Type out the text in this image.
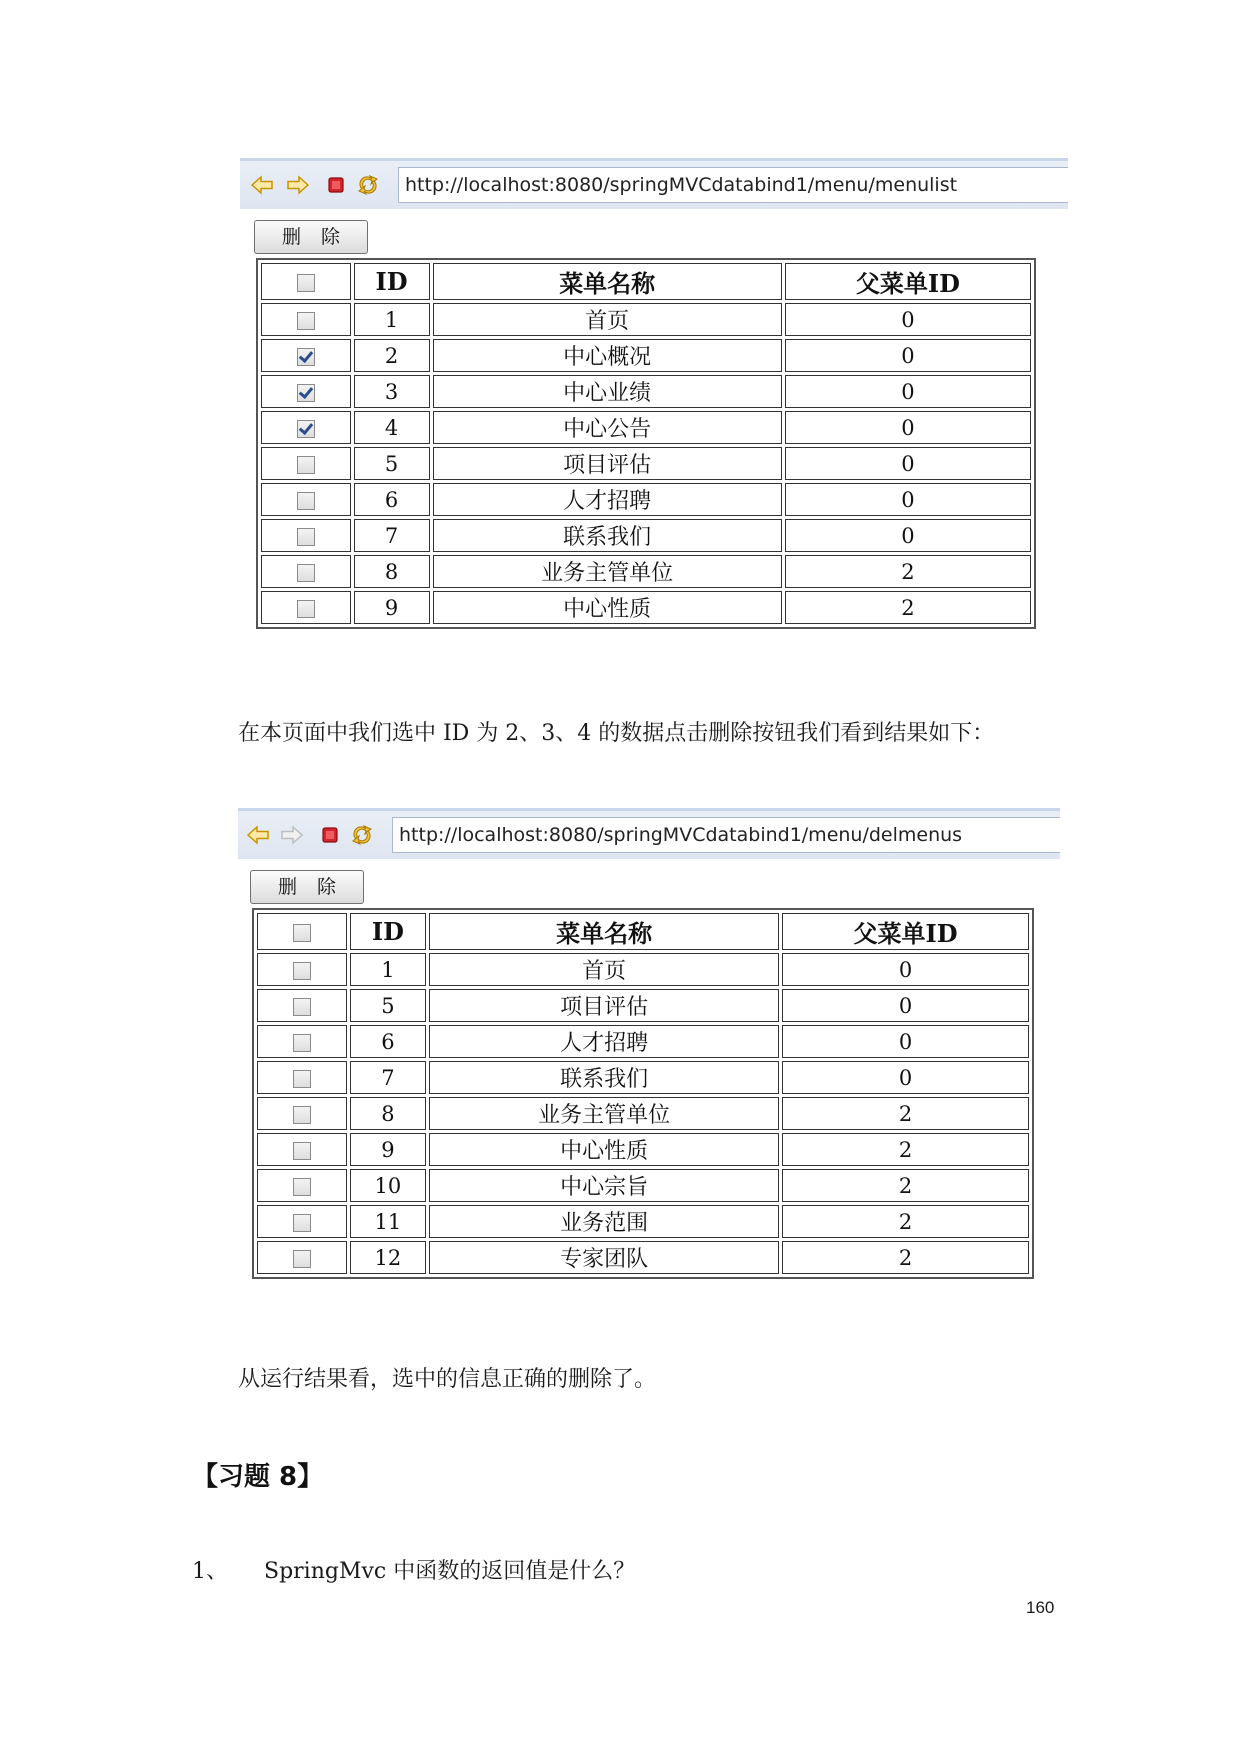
http://localhost:8080/springMVCdatabind1/menu/menulist
删除
	ID	菜单名称	父菜单ID
	1	首页	0
	2	中心概况	0
	3	中心业绩	0
	4	中心公告	0
	5	项目评估	0
	6	人才招聘	0
	7	联系我们	0
	8	业务主管单位	2
	9	中心性质	2
在本页面中我们选中 ID 为 2、3、4 的数据点击删除按钮我们看到结果如下：
http://localhost:8080/springMVCdatabind1/menu/delmenus
删除
	ID	菜单名称	父菜单ID
	1	首页	0
	5	项目评估	0
	6	人才招聘	0
	7	联系我们	0
	8	业务主管单位	2
	9	中心性质	2
	10	中心宗旨	2
	11	业务范围	2
	12	专家团队	2
从运行结果看，选中的信息正确的删除了。
【习题 8】
1、 SpringMvc 中函数的返回值是什么？
160
